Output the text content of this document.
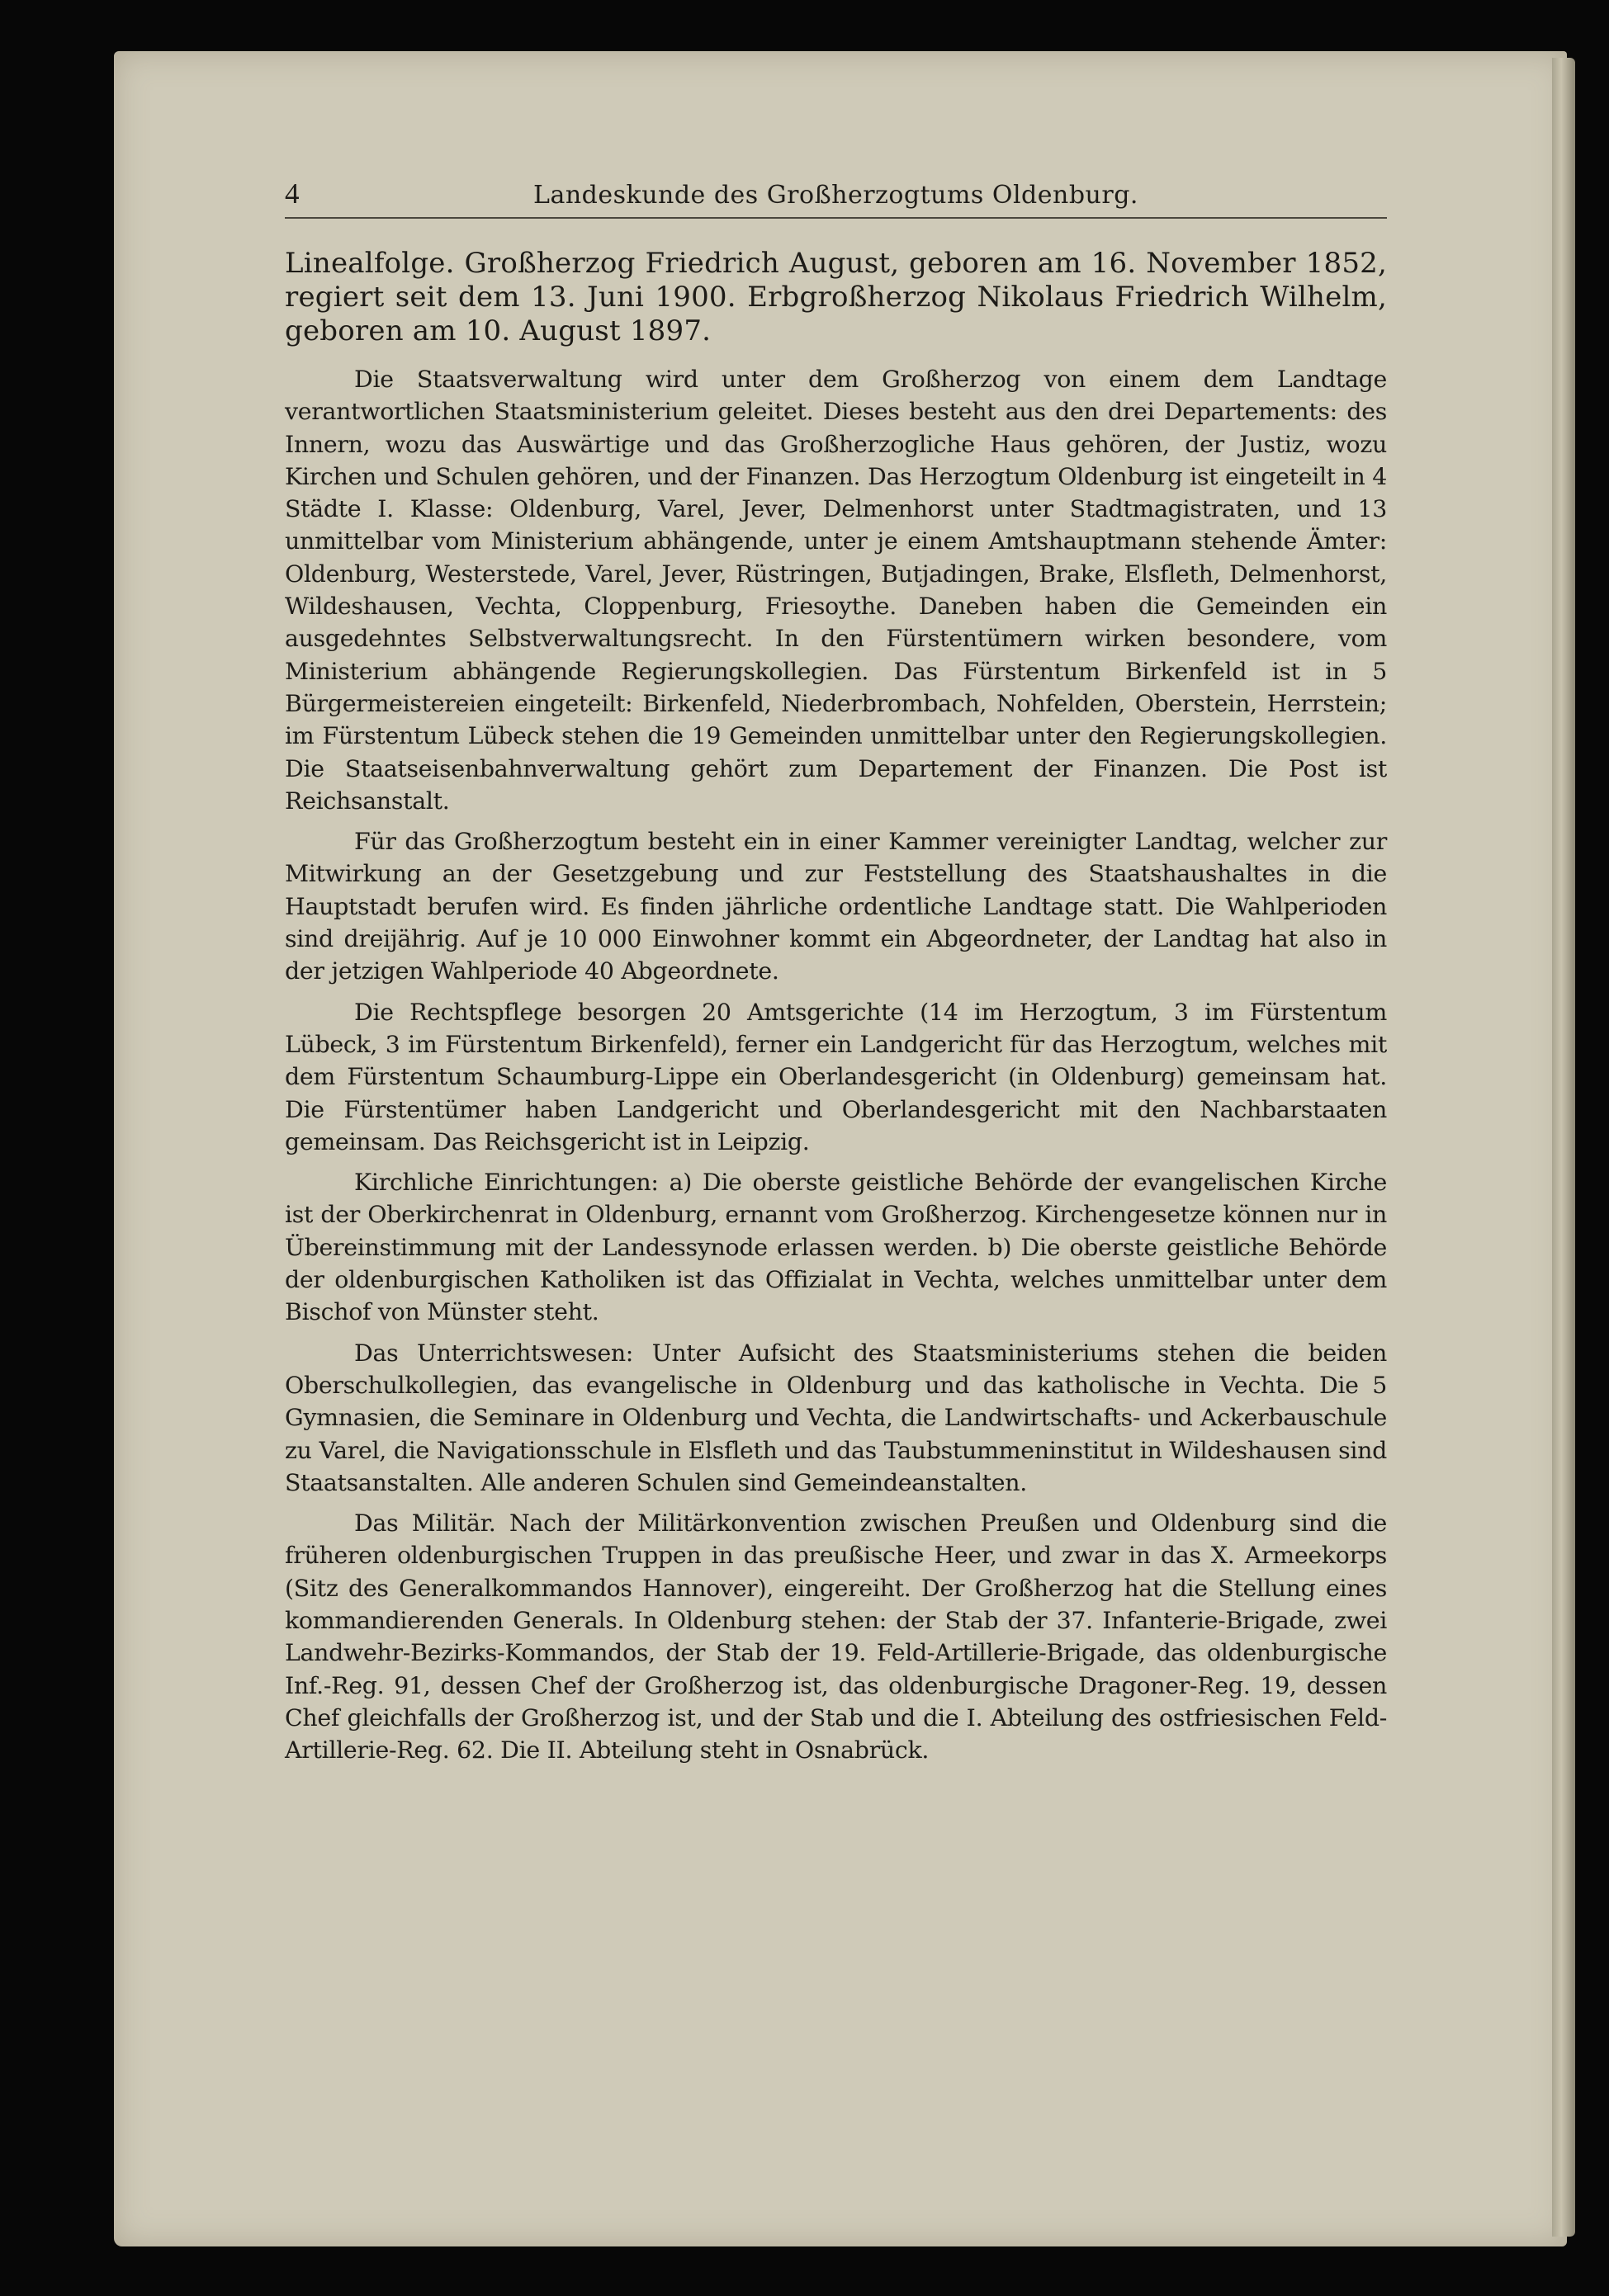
4	Landeskunde des Großherzogtums Oldenburg.

Linealfolge. Großherzog Friedrich August, geboren am 16. November 1852, regiert seit dem 13. Juni 1900. Erbgroßherzog Nikolaus Friedrich Wilhelm, geboren am 10. August 1897.

Die Staatsverwaltung wird unter dem Großherzog von einem dem Landtage verantwortlichen Staatsministerium geleitet. Dieses besteht aus den drei Departements: des Innern, wozu das Auswärtige und das Großherzogliche Haus gehören, der Justiz, wozu Kirchen und Schulen gehören, und der Finanzen. Das Herzogtum Oldenburg ist eingeteilt in 4 Städte I. Klasse: Oldenburg, Varel, Jever, Delmenhorst unter Stadtmagistraten, und 13 unmittelbar vom Ministerium abhängende, unter je einem Amtshauptmann stehende Ämter: Oldenburg, Westerstede, Varel, Jever, Rüstringen, Butjadingen, Brake, Elsfleth, Delmenhorst, Wildeshausen, Vechta, Cloppenburg, Friesoythe. Daneben haben die Gemeinden ein ausgedehntes Selbstverwaltungsrecht. In den Fürstentümern wirken besondere, vom Ministerium abhängende Regierungskollegien. Das Fürstentum Birkenfeld ist in 5 Bürgermeistereien eingeteilt: Birkenfeld, Niederbrombach, Nohfelden, Oberstein, Herrstein; im Fürstentum Lübeck stehen die 19 Gemeinden unmittelbar unter den Regierungskollegien. Die Staatseisenbahnverwaltung gehört zum Departement der Finanzen. Die Post ist Reichsanstalt.

Für das Großherzogtum besteht ein in einer Kammer vereinigter Landtag, welcher zur Mitwirkung an der Gesetzgebung und zur Feststellung des Staatshaushaltes in die Hauptstadt berufen wird. Es finden jährliche ordentliche Landtage statt. Die Wahlperioden sind dreijährig. Auf je 10 000 Einwohner kommt ein Abgeordneter, der Landtag hat also in der jetzigen Wahlperiode 40 Abgeordnete.

Die Rechtspflege besorgen 20 Amtsgerichte (14 im Herzogtum, 3 im Fürstentum Lübeck, 3 im Fürstentum Birkenfeld), ferner ein Landgericht für das Herzogtum, welches mit dem Fürstentum Schaumburg-Lippe ein Oberlandesgericht (in Oldenburg) gemeinsam hat. Die Fürstentümer haben Landgericht und Oberlandesgericht mit den Nachbarstaaten gemeinsam. Das Reichsgericht ist in Leipzig.

Kirchliche Einrichtungen: a) Die oberste geistliche Behörde der evangelischen Kirche ist der Oberkirchenrat in Oldenburg, ernannt vom Großherzog. Kirchengesetze können nur in Übereinstimmung mit der Landessynode erlassen werden. b) Die oberste geistliche Behörde der oldenburgischen Katholiken ist das Offizialat in Vechta, welches unmittelbar unter dem Bischof von Münster steht.

Das Unterrichtswesen: Unter Aufsicht des Staatsministeriums stehen die beiden Oberschulkollegien, das evangelische in Oldenburg und das katholische in Vechta. Die 5 Gymnasien, die Seminare in Oldenburg und Vechta, die Landwirtschafts- und Ackerbauschule zu Varel, die Navigationsschule in Elsfleth und das Taubstummeninstitut in Wildeshausen sind Staatsanstalten. Alle anderen Schulen sind Gemeindeanstalten.

Das Militär. Nach der Militärkonvention zwischen Preußen und Oldenburg sind die früheren oldenburgischen Truppen in das preußische Heer, und zwar in das X. Armeekorps (Sitz des Generalkommandos Hannover), eingereiht. Der Großherzog hat die Stellung eines kommandierenden Generals. In Oldenburg stehen: der Stab der 37. Infanterie-Brigade, zwei Landwehr-Bezirks-Kommandos, der Stab der 19. Feld-Artillerie-Brigade, das oldenburgische Inf.-Reg. 91, dessen Chef der Großherzog ist, das oldenburgische Dragoner-Reg. 19, dessen Chef gleichfalls der Großherzog ist, und der Stab und die I. Abteilung des ostfriesischen Feld-Artillerie-Reg. 62. Die II. Abteilung steht in Osnabrück.
